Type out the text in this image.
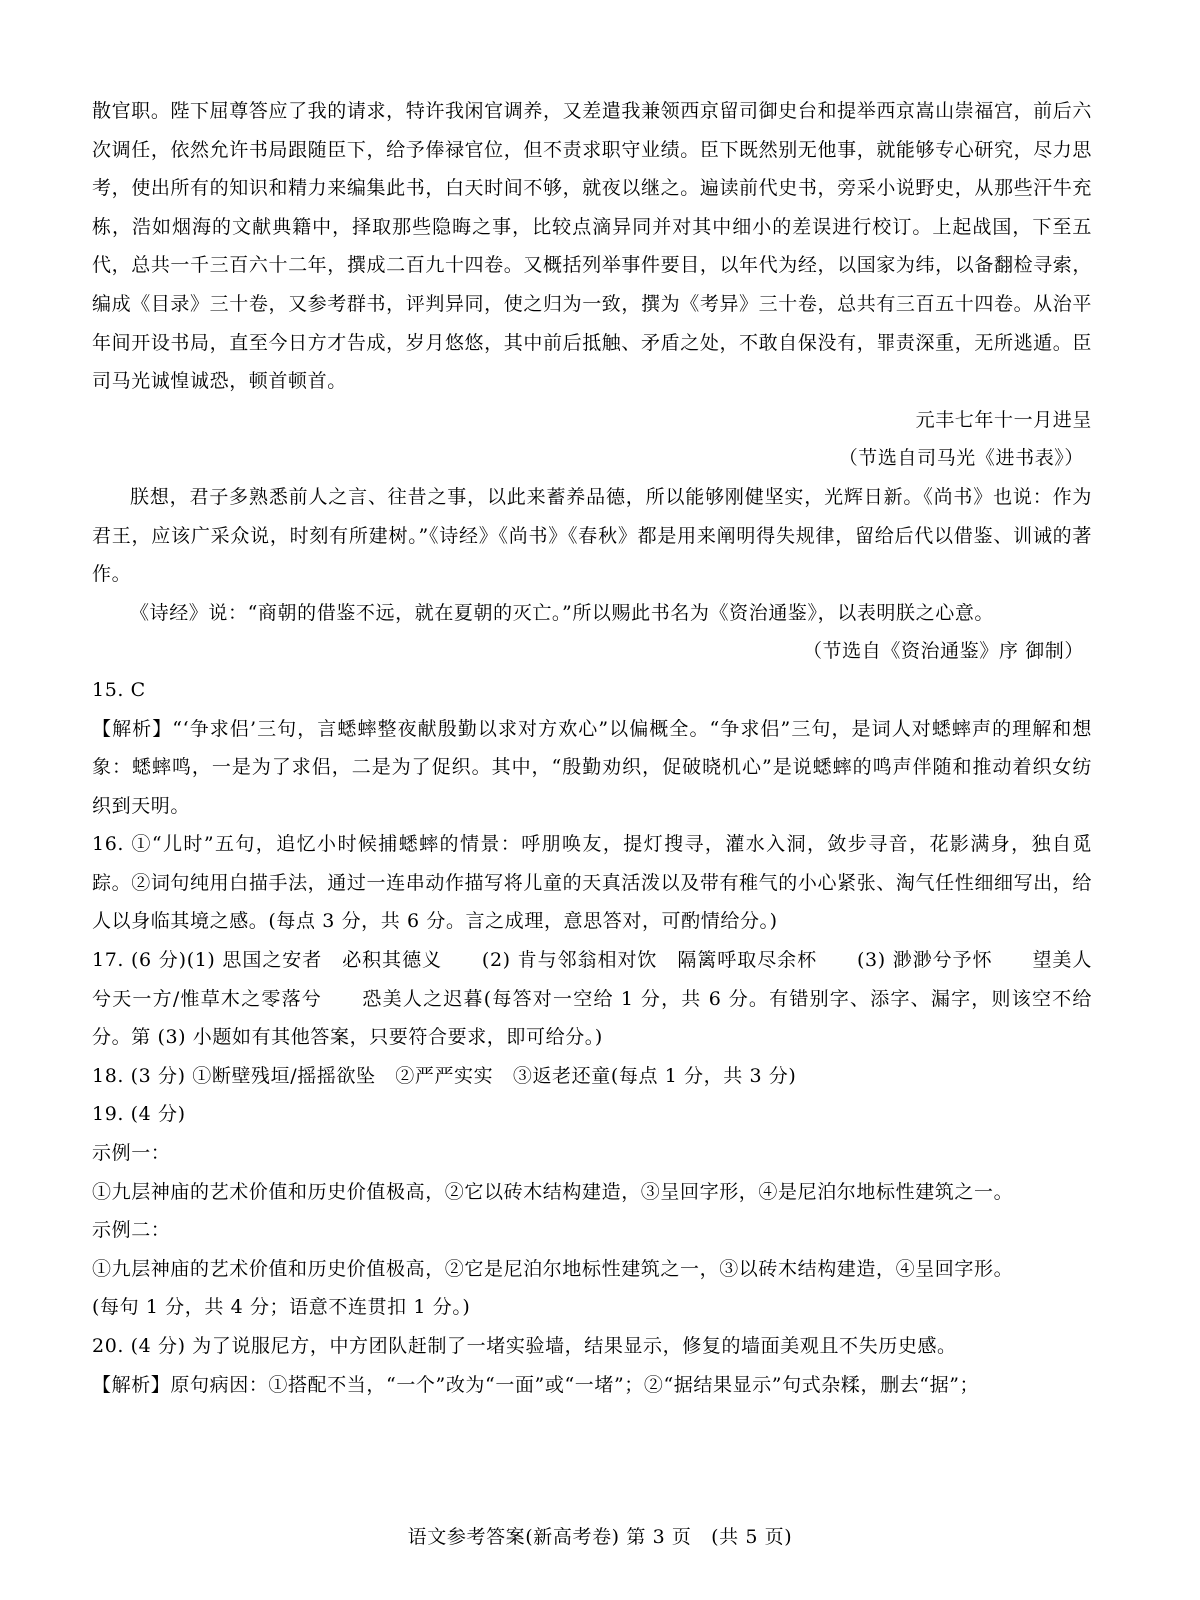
散官职。陛下屈尊答应了我的请求，特许我闲官调养，又差遣我兼领西京留司御史台和提举西京嵩山崇福宫，前后六次调任，依然允许书局跟随臣下，给予俸禄官位，但不责求职守业绩。臣下既然别无他事，就能够专心研究，尽力思考，使出所有的知识和精力来编集此书，白天时间不够，就夜以继之。遍读前代史书，旁采小说野史，从那些汗牛充栋，浩如烟海的文献典籍中，择取那些隐晦之事，比较点滴异同并对其中细小的差误进行校订。上起战国，下至五代，总共一千三百六十二年，撰成二百九十四卷。又概括列举事件要目，以年代为经，以国家为纬，以备翻检寻索，编成《目录》三十卷，又参考群书，评判异同，使之归为一致，撰为《考异》三十卷，总共有三百五十四卷。从治平年间开设书局，直至今日方才告成，岁月悠悠，其中前后抵触、矛盾之处，不敢自保没有，罪责深重，无所逃遁。臣司马光诚惶诚恐，顿首顿首。

元丰七年十一月进呈

（节选自司马光《进书表》）

朕想，君子多熟悉前人之言、往昔之事，以此来蓄养品德，所以能够刚健坚实，光辉日新。《尚书》也说：作为君王，应该广采众说，时刻有所建树。”《诗经》《尚书》《春秋》都是用来阐明得失规律，留给后代以借鉴、训诫的著作。

《诗经》说：“商朝的借鉴不远，就在夏朝的灭亡。”所以赐此书名为《资治通鉴》，以表明朕之心意。

（节选自《资治通鉴》序 御制）

15. C

【解析】“‘争求侣’三句，言蟋蟀整夜献殷勤以求对方欢心”以偏概全。“争求侣”三句，是词人对蟋蟀声的理解和想象：蟋蟀鸣，一是为了求侣，二是为了促织。其中，“殷勤劝织，促破晓机心”是说蟋蟀的鸣声伴随和推动着织女纺织到天明。

16. ①“儿时”五句，追忆小时候捕蟋蟀的情景：呼朋唤友，提灯搜寻，灌水入洞，敛步寻音，花影满身，独自觅踪。②词句纯用白描手法，通过一连串动作描写将儿童的天真活泼以及带有稚气的小心紧张、淘气任性细细写出，给人以身临其境之感。(每点 3 分，共 6 分。言之成理，意思答对，可酌情给分。)

17. (6 分)(1) 思国之安者　必积其德义　　(2) 肯与邻翁相对饮　隔篱呼取尽余杯　　(3) 渺渺兮予怀　　望美人兮天一方/惟草木之零落兮　　恐美人之迟暮(每答对一空给 1 分，共 6 分。有错别字、添字、漏字，则该空不给分。第 (3) 小题如有其他答案，只要符合要求，即可给分。)

18. (3 分) ①断壁残垣/摇摇欲坠　②严严实实　③返老还童(每点 1 分，共 3 分)

19. (4 分)

示例一：

①九层神庙的艺术价值和历史价值极高，②它以砖木结构建造，③呈回字形，④是尼泊尔地标性建筑之一。

示例二：

①九层神庙的艺术价值和历史价值极高，②它是尼泊尔地标性建筑之一，③以砖木结构建造，④呈回字形。

(每句 1 分，共 4 分；语意不连贯扣 1 分。)

20. (4 分) 为了说服尼方，中方团队赶制了一堵实验墙，结果显示，修复的墙面美观且不失历史感。

【解析】原句病因：①搭配不当，“一个”改为“一面”或“一堵”；②“据结果显示”句式杂糅，删去“据”；

语文参考答案(新高考卷) 第 3 页　(共 5 页)
